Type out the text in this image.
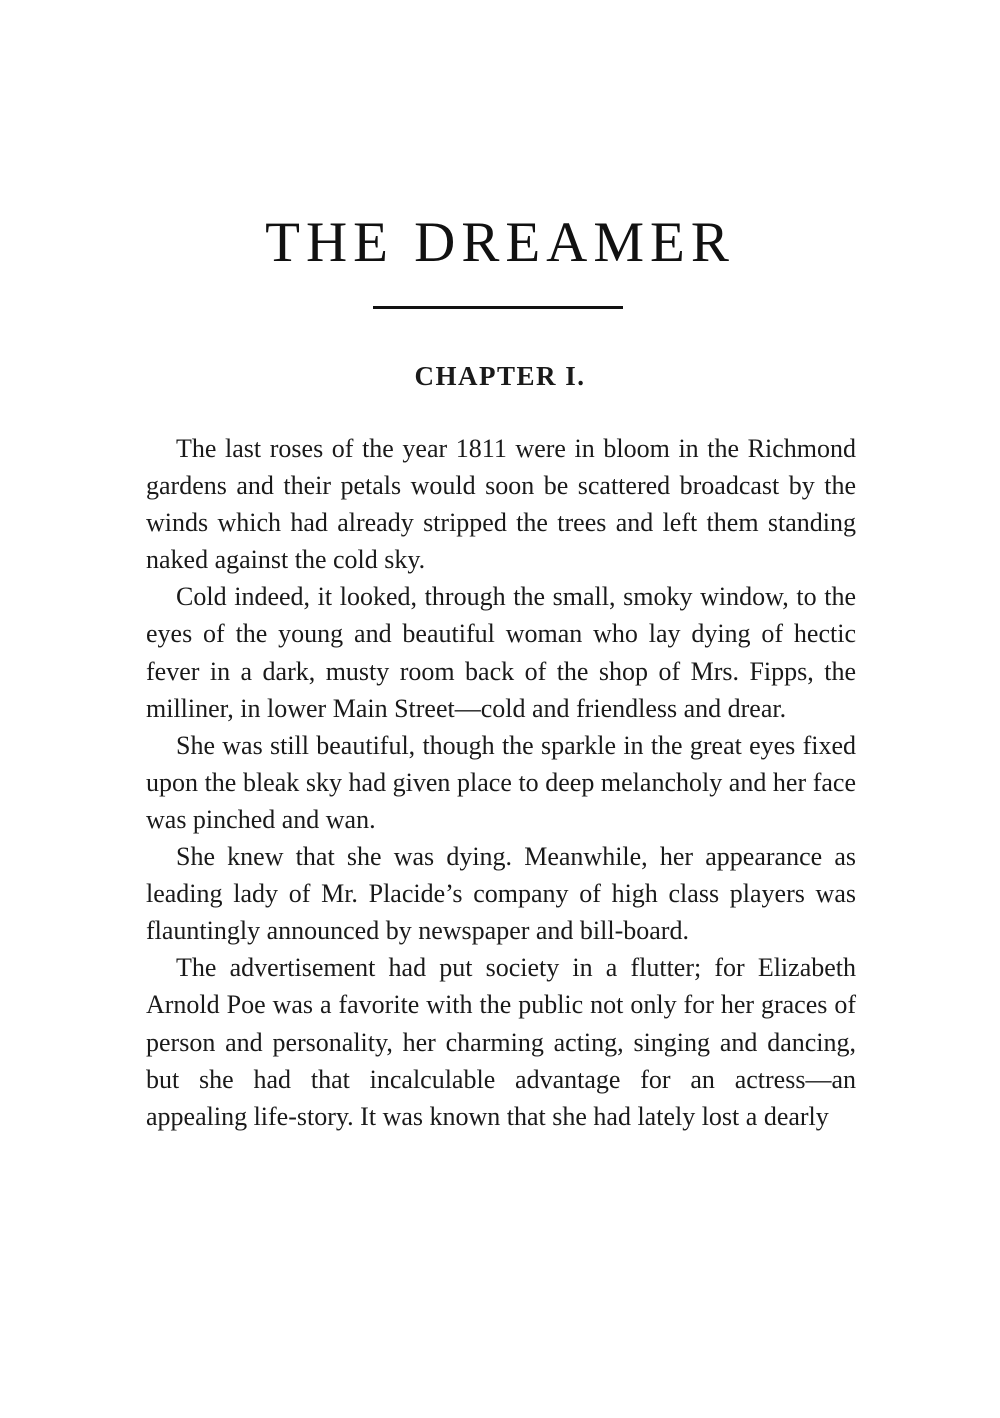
THE DREAMER
CHAPTER I.

The last roses of the year 1811 were in bloom in the Richmond gardens and their petals would soon be scattered broadcast by the winds which had already stripped the trees and left them standing naked against the cold sky.

Cold indeed, it looked, through the small, smoky window, to the eyes of the young and beautiful woman who lay dying of hectic fever in a dark, musty room back of the shop of Mrs. Fipps, the milliner, in lower Main Street—cold and friendless and drear.

She was still beautiful, though the sparkle in the great eyes fixed upon the bleak sky had given place to deep melancholy and her face was pinched and wan.

She knew that she was dying. Meanwhile, her appearance as leading lady of Mr. Placide’s company of high class players was flauntingly announced by newspaper and bill-board.

The advertisement had put society in a flutter; for Elizabeth Arnold Poe was a favorite with the public not only for her graces of person and personality, her charming acting, singing and dancing, but she had that incalculable advantage for an actress—an appealing life-story. It was known that she had lately lost a dearly
